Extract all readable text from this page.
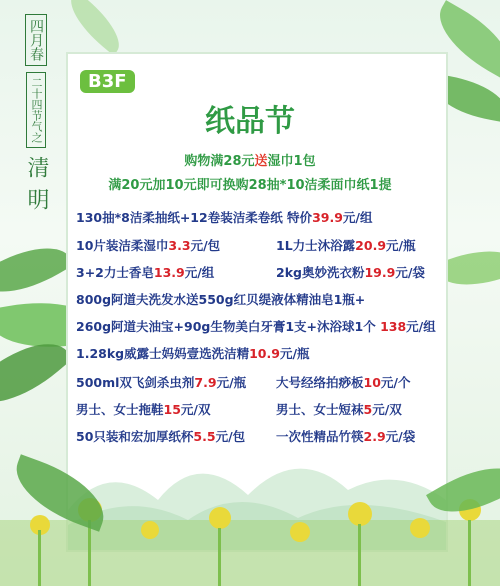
四月春
二十四节气之
清明
B3F
纸品节
购物满28元送湿巾1包
满20元加10元即可换购28抽*10洁柔面巾纸1提
130抽*8洁柔抽纸+12卷装洁柔卷纸 特价39.9元/组
10片装洁柔湿巾3.3元/包	1L力士沐浴露20.9元/瓶
3+2力士香皂13.9元/组	2kg奥妙洗衣粉19.9元/袋
800g阿道夫洗发水送550g红贝缇液体精油皂1瓶+
260g阿道夫油宝+90g生物美白牙膏1支+沐浴球1个 138元/组
1.28kg威露士妈妈壹选洗洁精10.9元/瓶
500ml双飞剑杀虫剂7.9元/瓶 大号经络拍痧板10元/个
男士、女士拖鞋15元/双	男士、女士短袜5元/双
50只装和宏加厚纸杯5.5元/包 一次性精品竹筷2.9元/袋
